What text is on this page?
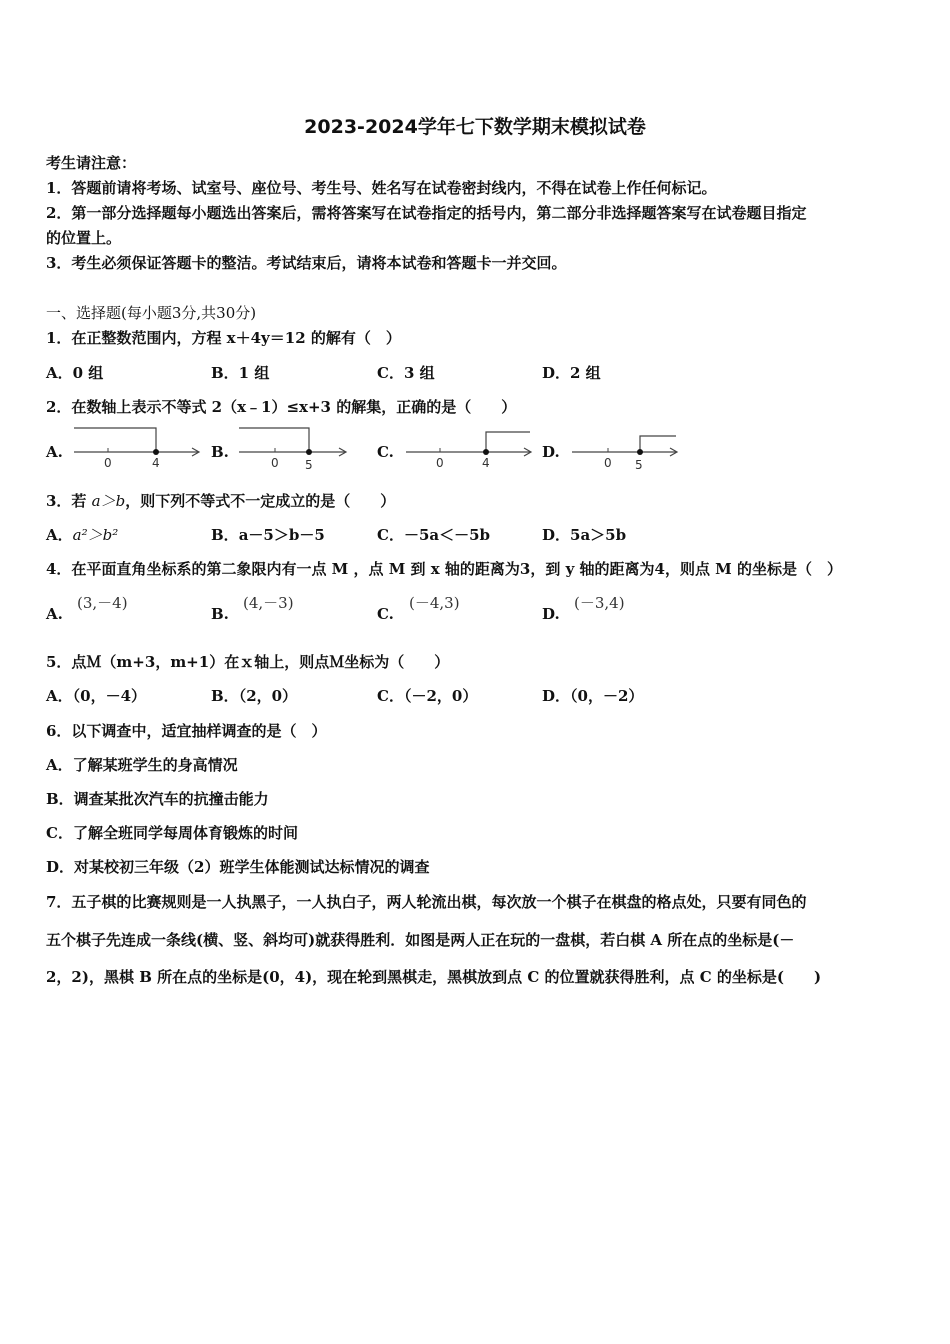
2023-2024学年七下数学期末模拟试卷
考生请注意：
1．答题前请将考场、试室号、座位号、考生号、姓名写在试卷密封线内，不得在试卷上作任何标记。
2．第一部分选择题每小题选出答案后，需将答案写在试卷指定的括号内，第二部分非选择题答案写在试卷题目指定
的位置上。
3．考生必须保证答题卡的整洁。考试结束后，请将本试卷和答题卡一并交回。
一、选择题(每小题3分,共30分)
1．在正整数范围内，方程 x＋4y＝12 的解有（　）
A．0 组	B．1 组	C．3 组	D．2 组
2．在数轴上表示不等式 2（x﹣1）≤x+3 的解集，正确的是（　　）
A.
0	4
B.
0 5
C.
0	4
D.
0 5
3．若 a＞b，则下列不等式不一定成立的是（　　）
A．a²＞b²	B．a－5＞b－5	C．－5a＜－5b	D．5a＞5b
4．在平面直角坐标系的第二象限内有一点 M ，点 M 到 x 轴的距离为3，到 y 轴的距离为4，则点 M 的坐标是（　）
A.
(3,－4)
B.
(4,－3)
C.
(－4,3)
D.
(－3,4)
5．点Ｍ（m+3，m+1）在ｘ轴上，则点Ｍ坐标为（　　）
A．（0，－4）	B．（2，0）	C．（－2，0）	D．（0，－2）
6．以下调查中，适宜抽样调查的是（　）
A．了解某班学生的身高情况
B．调查某批次汽车的抗撞击能力
C．了解全班同学每周体育锻炼的时间
D．对某校初三年级（2）班学生体能测试达标情况的调查
7．五子棋的比赛规则是一人执黑子，一人执白子，两人轮流出棋，每次放一个棋子在棋盘的格点处，只要有同色的
五个棋子先连成一条线(横、竖、斜均可)就获得胜利．如图是两人正在玩的一盘棋，若白棋 A 所在点的坐标是(－
2，2)，黑棋 B 所在点的坐标是(0，4)，现在轮到黑棋走，黑棋放到点 C 的位置就获得胜利，点 C 的坐标是(　　)
